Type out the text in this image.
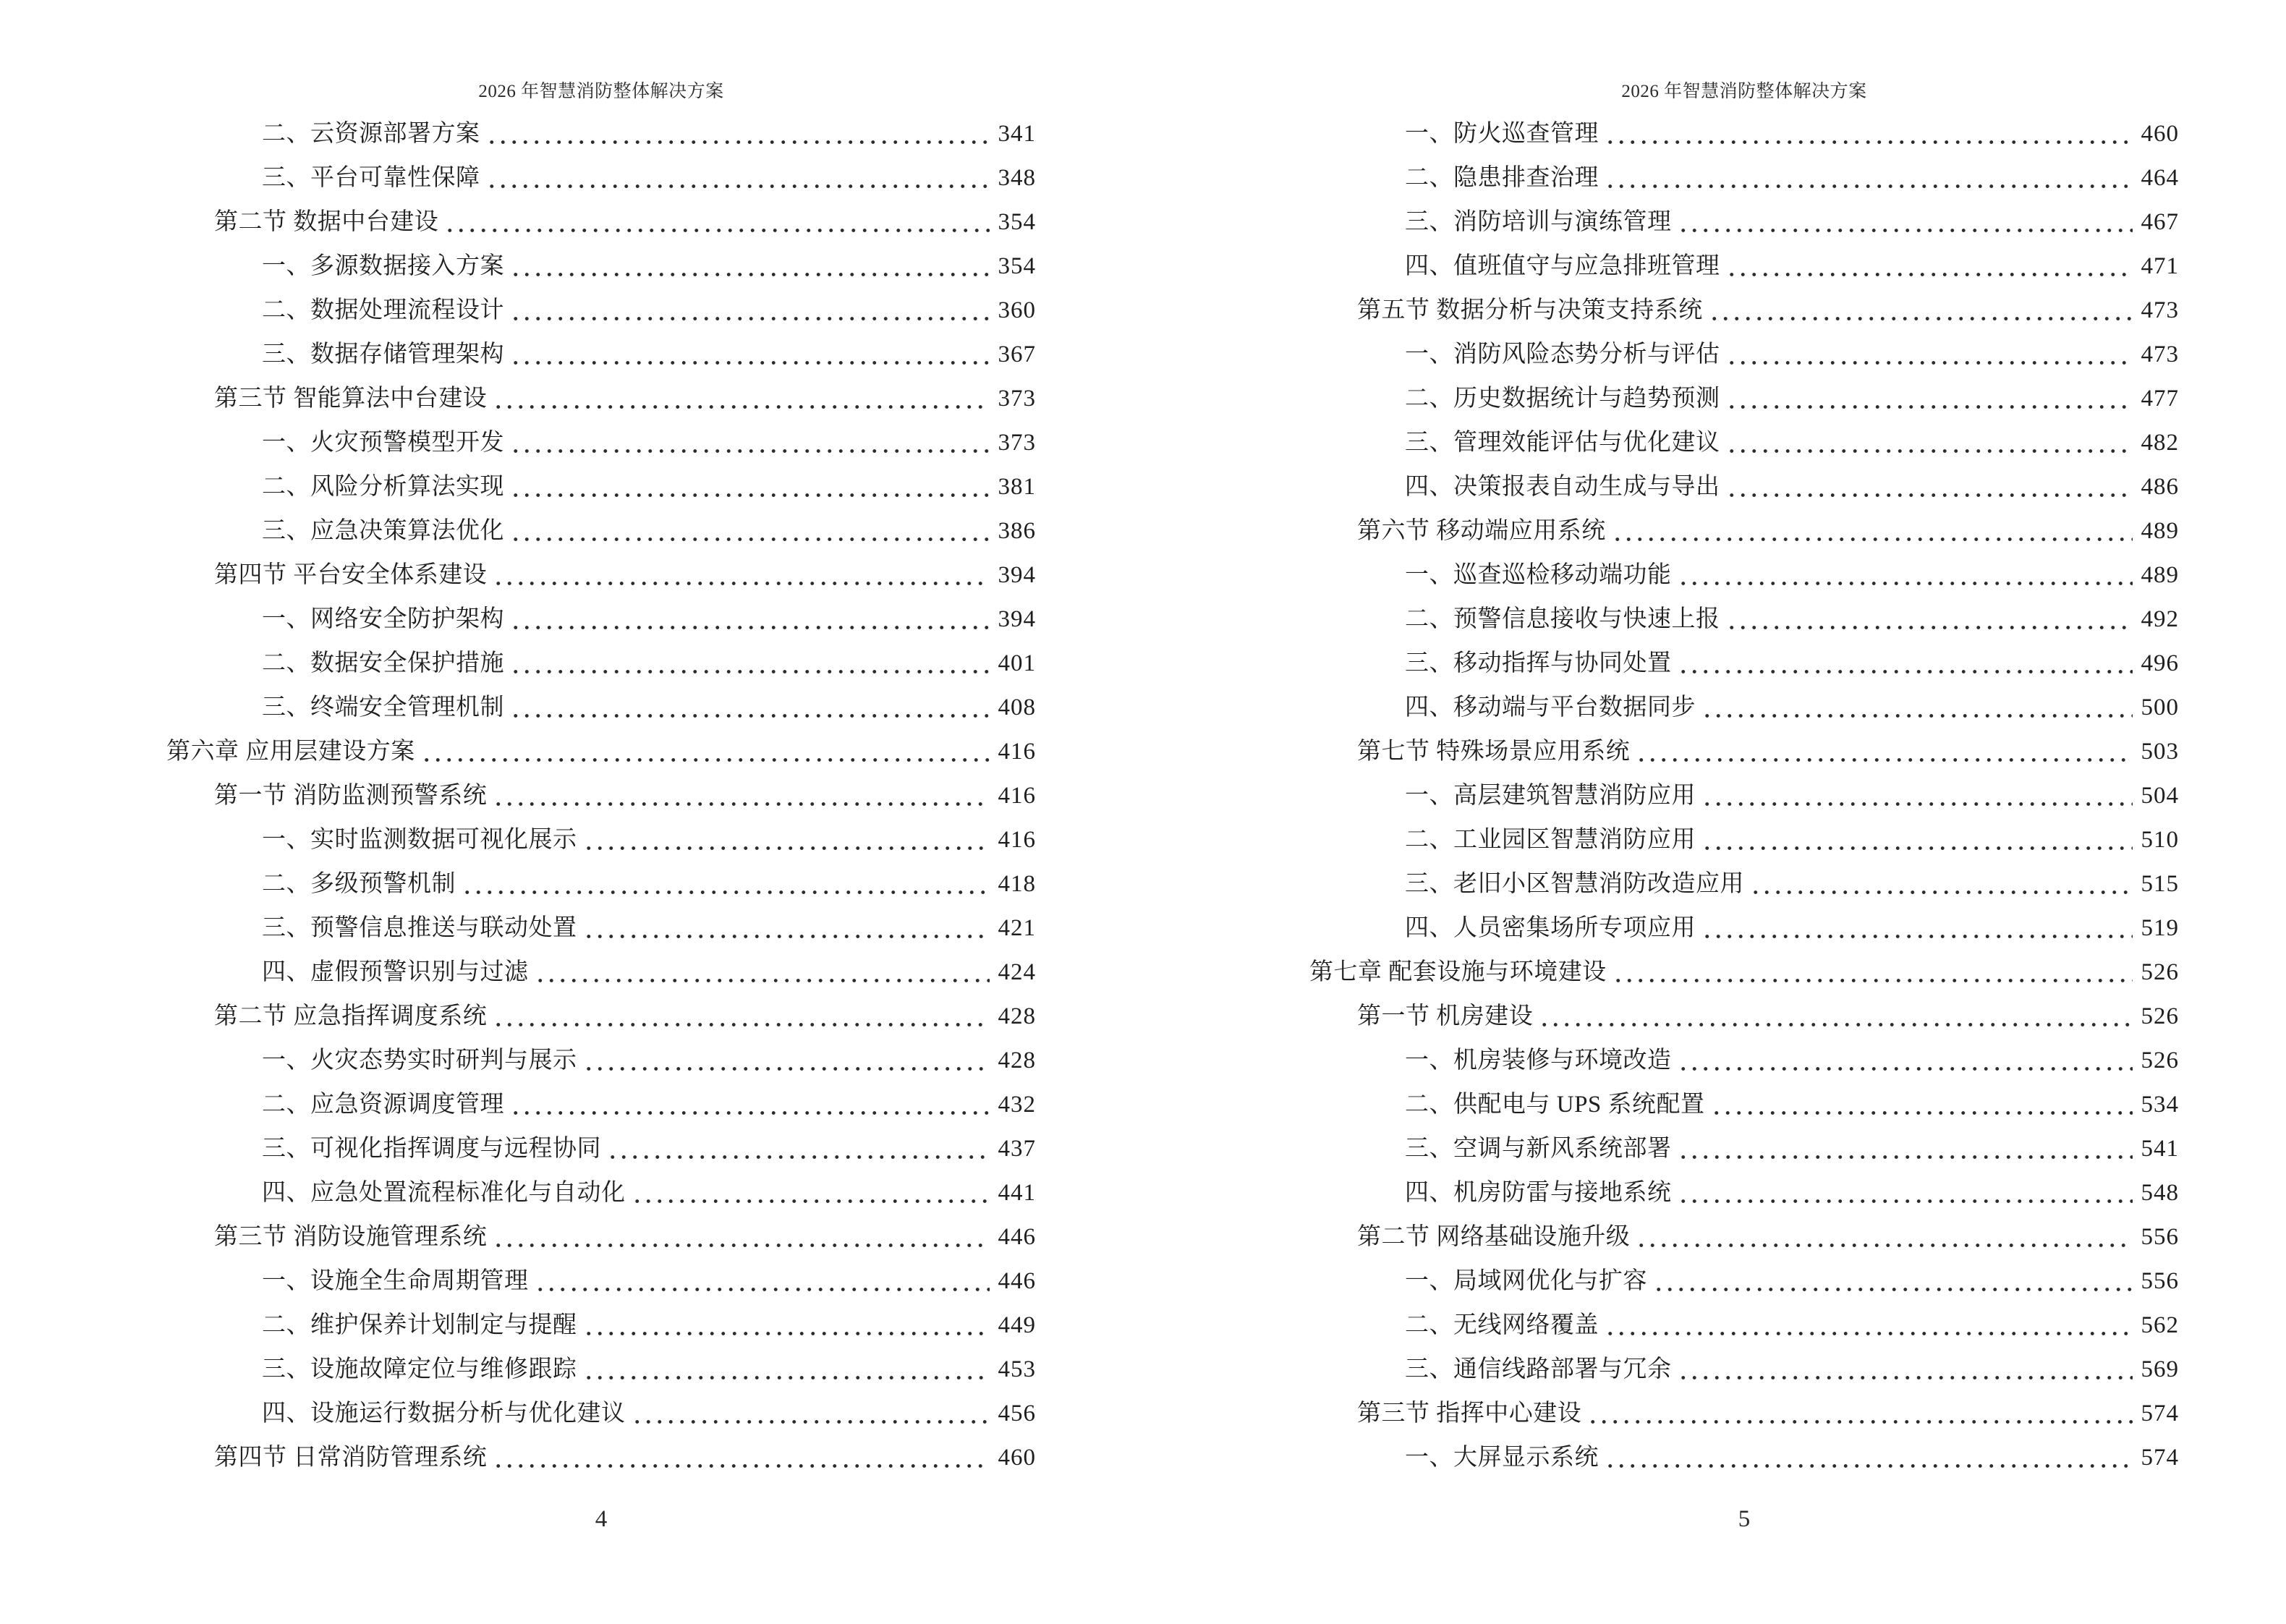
2026 年智慧消防整体解决方案
二、云资源部署方案	341
三、平台可靠性保障	348
第二节 数据中台建设	354
一、多源数据接入方案	354
二、数据处理流程设计	360
三、数据存储管理架构	367
第三节 智能算法中台建设	373
一、火灾预警模型开发	373
二、风险分析算法实现	381
三、应急决策算法优化	386
第四节 平台安全体系建设	394
一、网络安全防护架构	394
二、数据安全保护措施	401
三、终端安全管理机制	408
第六章 应用层建设方案	416
第一节 消防监测预警系统	416
一、实时监测数据可视化展示	416
二、多级预警机制	418
三、预警信息推送与联动处置	421
四、虚假预警识别与过滤	424
第二节 应急指挥调度系统	428
一、火灾态势实时研判与展示	428
二、应急资源调度管理	432
三、可视化指挥调度与远程协同	437
四、应急处置流程标准化与自动化	441
第三节 消防设施管理系统	446
一、设施全生命周期管理	446
二、维护保养计划制定与提醒	449
三、设施故障定位与维修跟踪	453
四、设施运行数据分析与优化建议	456
第四节 日常消防管理系统	460
4
2026 年智慧消防整体解决方案
一、防火巡查管理	460
二、隐患排查治理	464
三、消防培训与演练管理	467
四、值班值守与应急排班管理	471
第五节 数据分析与决策支持系统	473
一、消防风险态势分析与评估	473
二、历史数据统计与趋势预测	477
三、管理效能评估与优化建议	482
四、决策报表自动生成与导出	486
第六节 移动端应用系统	489
一、巡查巡检移动端功能	489
二、预警信息接收与快速上报	492
三、移动指挥与协同处置	496
四、移动端与平台数据同步	500
第七节 特殊场景应用系统	503
一、高层建筑智慧消防应用	504
二、工业园区智慧消防应用	510
三、老旧小区智慧消防改造应用	515
四、人员密集场所专项应用	519
第七章 配套设施与环境建设	526
第一节 机房建设	526
一、机房装修与环境改造	526
二、供配电与 UPS 系统配置	534
三、空调与新风系统部署	541
四、机房防雷与接地系统	548
第二节 网络基础设施升级	556
一、局域网优化与扩容	556
二、无线网络覆盖	562
三、通信线路部署与冗余	569
第三节 指挥中心建设	574
一、大屏显示系统	574
5
